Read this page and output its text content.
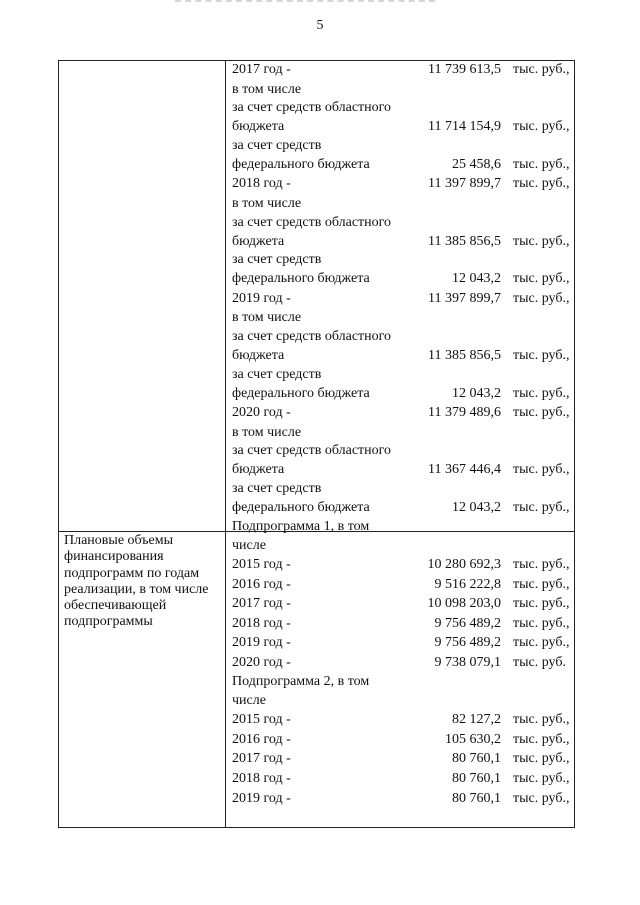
5
Плановые объемы финансирования подпрограмм по годам реализации, в том числе обеспечивающей подпрограммы
2017 год -	11 739 613,5 тыс. руб.,
в том числе
за счет средств областного
бюджета	11 714 154,9 тыс. руб.,
за счет средств
федерального бюджета	25 458,6 тыс. руб.,
2018 год -	11 397 899,7 тыс. руб.,
в том числе
за счет средств областного
бюджета	11 385 856,5 тыс. руб.,
за счет средств
федерального бюджета	12 043,2 тыс. руб.,
2019 год -	11 397 899,7 тыс. руб.,
в том числе
за счет средств областного
бюджета	11 385 856,5 тыс. руб.,
за счет средств
федерального бюджета	12 043,2 тыс. руб.,
2020 год -	11 379 489,6 тыс. руб.,
в том числе
за счет средств областного
бюджета	11 367 446,4 тыс. руб.,
за счет средств
федерального бюджета	12 043,2 тыс. руб.,
Подпрограмма 1, в том
числе
2015 год -	10 280 692,3 тыс. руб.,
2016 год -	9 516 222,8 тыс. руб.,
2017 год -	10 098 203,0 тыс. руб.,
2018 год -	9 756 489,2 тыс. руб.,
2019 год -	9 756 489,2 тыс. руб.,
2020 год -	9 738 079,1 тыс. руб.
Подпрограмма 2, в том
числе
2015 год -	82 127,2 тыс. руб.,
2016 год -	105 630,2 тыс. руб.,
2017 год -	80 760,1 тыс. руб.,
2018 год -	80 760,1 тыс. руб.,
2019 год -	80 760,1 тыс. руб.,
